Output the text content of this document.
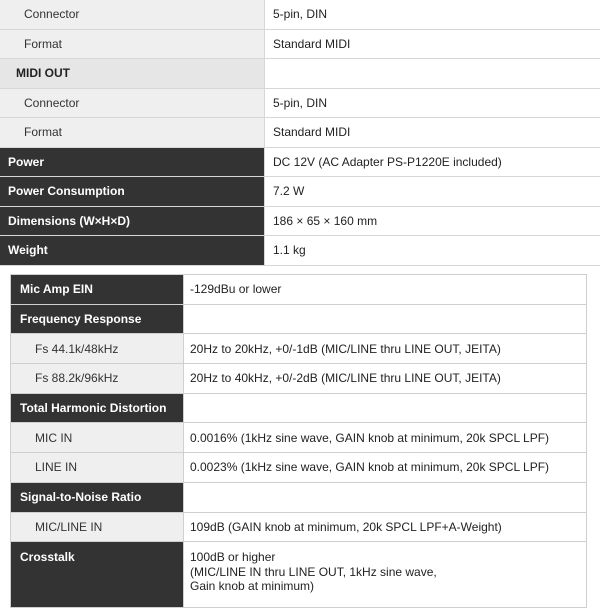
Connector	5-pin, DIN
Format	Standard MIDI
MIDI OUT
Connector	5-pin, DIN
Format	Standard MIDI
Power	DC 12V (AC Adapter PS-P1220E included)
Power Consumption	7.2 W
Dimensions (W×H×D)	186 × 65 × 160 mm
Weight	1.1 kg
Mic Amp EIN	-129dBu or lower
Frequency Response
Fs 44.1k/48kHz	20Hz to 20kHz, +0/-1dB (MIC/LINE thru LINE OUT, JEITA)
Fs 88.2k/96kHz	20Hz to 40kHz, +0/-2dB (MIC/LINE thru LINE OUT, JEITA)
Total Harmonic Distortion
MIC IN	0.0016% (1kHz sine wave, GAIN knob at minimum, 20k SPCL LPF)
LINE IN	0.0023% (1kHz sine wave, GAIN knob at minimum, 20k SPCL LPF)
Signal-to-Noise Ratio
MIC/LINE IN	109dB (GAIN knob at minimum, 20k SPCL LPF+A-Weight)
Crosstalk	100dB or higher
(MIC/LINE IN thru LINE OUT, 1kHz sine wave,
Gain knob at minimum)
